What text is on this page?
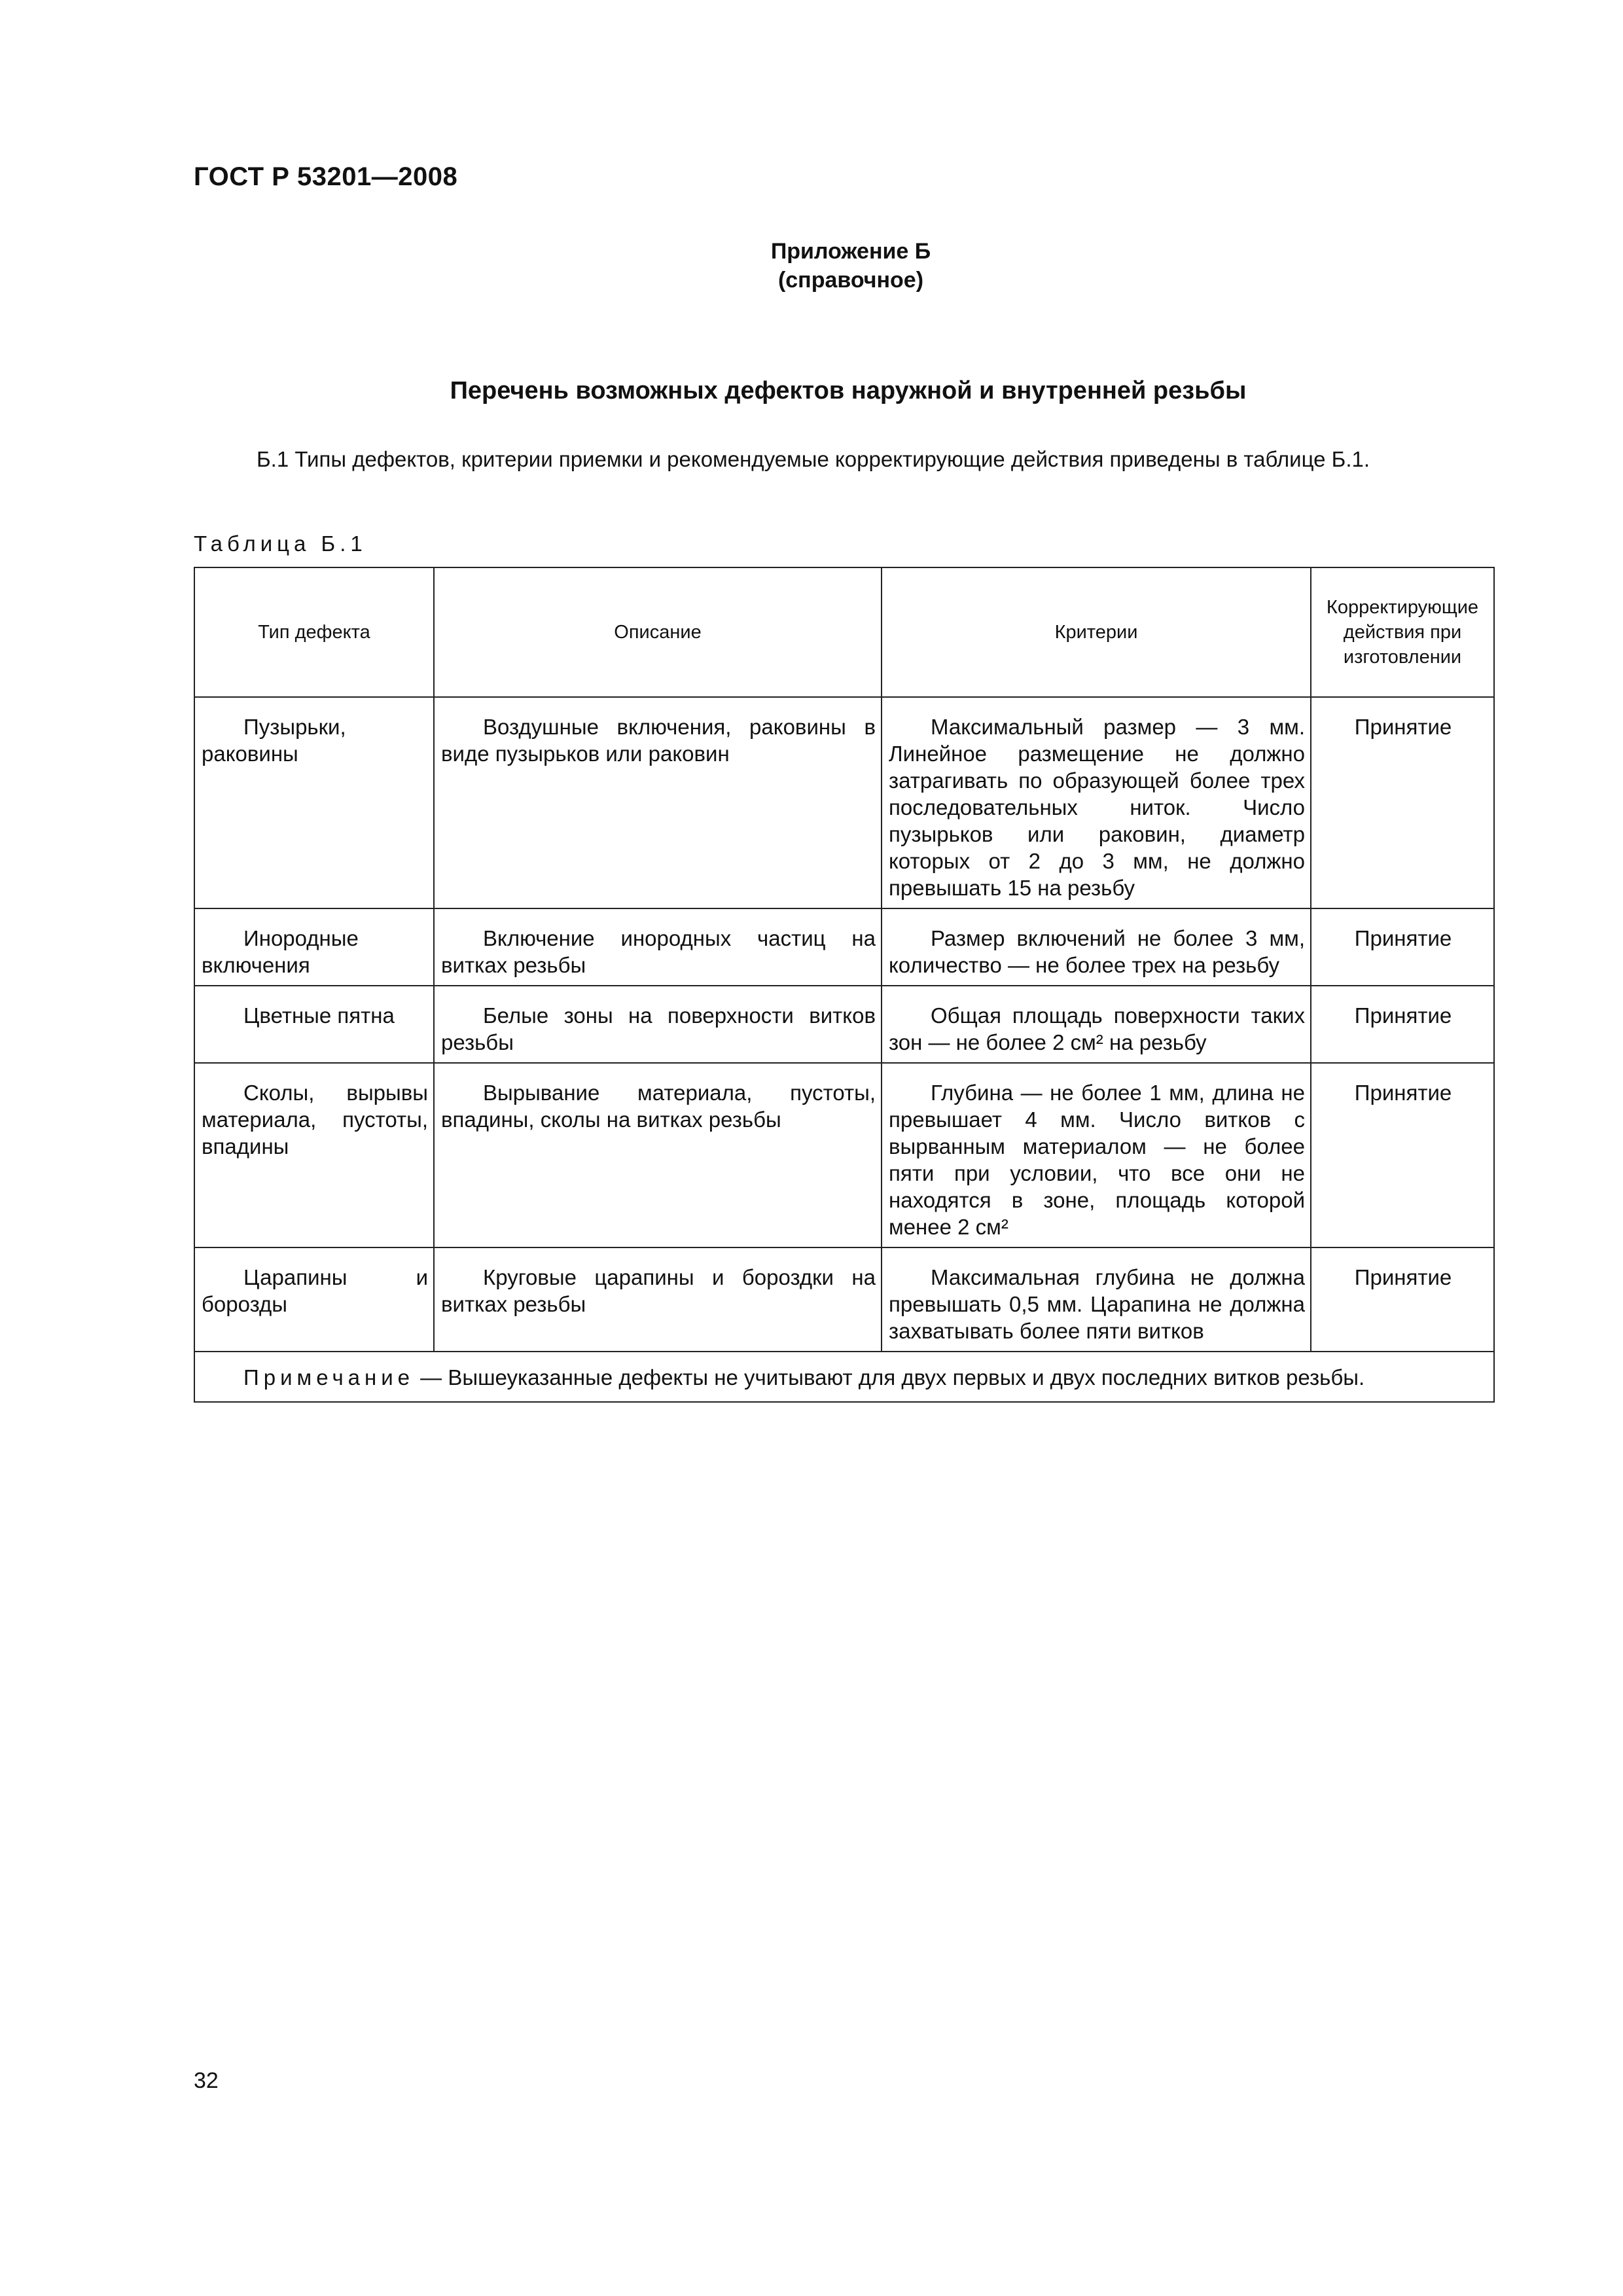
ГОСТ Р 53201—2008

Приложение Б
(справочное)
Перечень возможных дефектов наружной и внутренней резьбы

Б.1 Типы дефектов, критерии приемки и рекомендуемые корректирующие действия приведены в таблице Б.1.

Таблица Б.1

Тип дефекта	Описание	Критерии	Корректирующие действия при изготовлении
Пузырьки, раковины	Воздушные включения, раковины в виде пузырьков или раковин	Максимальный размер — 3 мм. Линейное размещение не должно затрагивать по образующей более трех последовательных ниток. Число пузырьков или раковин, диаметр которых от 2 до 3 мм, не должно превышать 15 на резьбу	Принятие
Инородные включения	Включение инородных частиц на витках резьбы	Размер включений не более 3 мм, количество — не более трех на резьбу	Принятие
Цветные пятна	Белые зоны на поверхности витков резьбы	Общая площадь поверхности таких зон — не более 2 см² на резьбу	Принятие
Сколы, вырывы материала, пустоты, впадины	Вырывание материала, пустоты, впадины, сколы на витках резьбы	Глубина — не более 1 мм, длина не превышает 4 мм. Число витков с вырванным материалом — не более пяти при условии, что все они не находятся в зоне, площадь которой менее 2 см²	Принятие
Царапины и борозды	Круговые царапины и бороздки на витках резьбы	Максимальная глубина не должна превышать 0,5 мм. Царапина не должна захватывать более пяти витков	Принятие
Примечание — Вышеуказанные дефекты не учитывают для двух первых и двух последних витков резьбы.			

32
